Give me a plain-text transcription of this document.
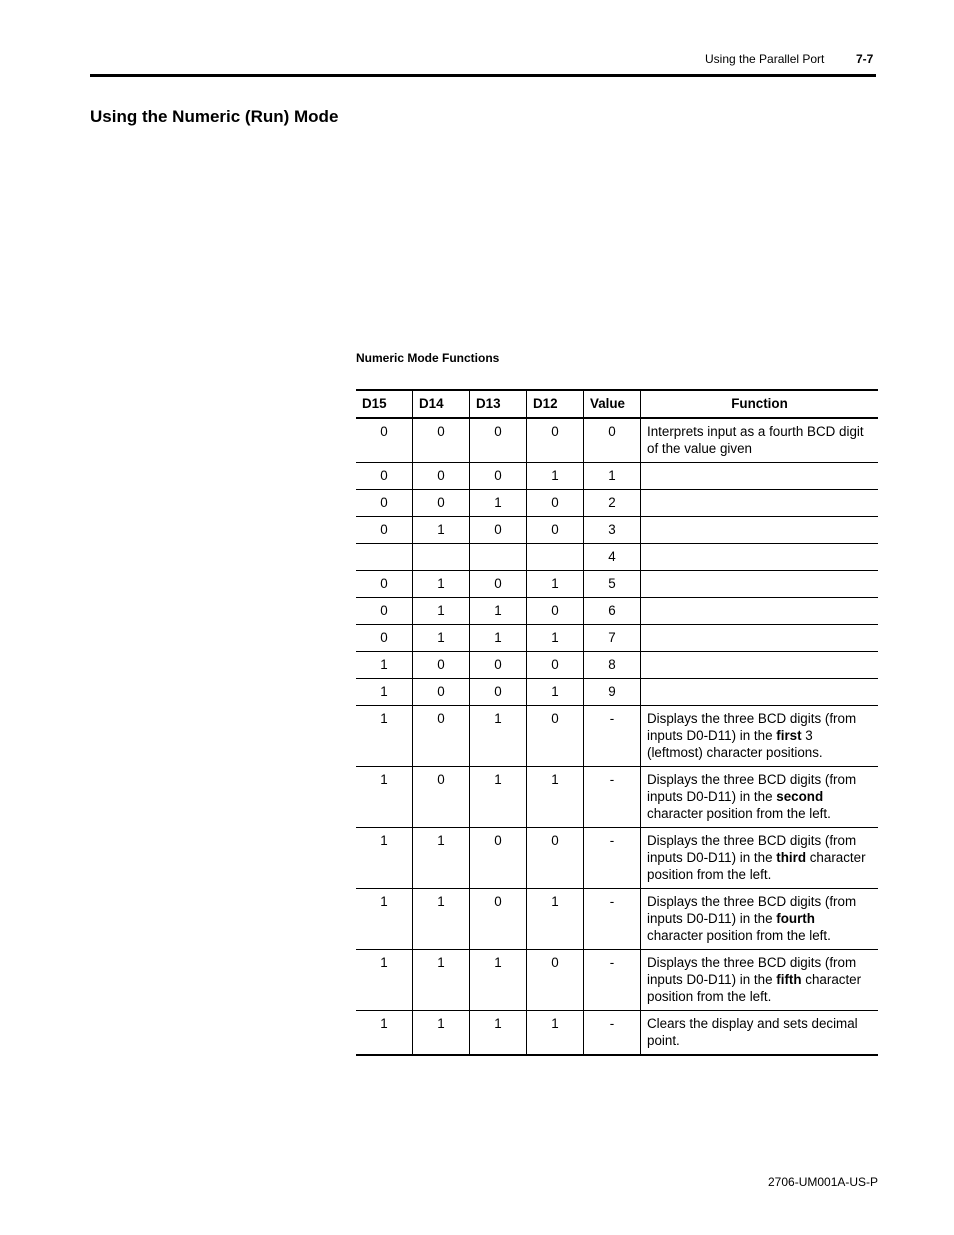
Using the Parallel Port	7-7
Using the Numeric (Run) Mode
Numeric Mode Functions
D15	D14	D13	D12	Value	Function
0	0	0	0	0	Interprets input as a fourth BCD digit of the value given
0	0	0	1	1	
0	0	1	0	2	
0	1	0	0	3	
				4	
0	1	0	1	5	
0	1	1	0	6	
0	1	1	1	7	
1	0	0	0	8	
1	0	0	1	9	
1	0	1	0	-	Displays the three BCD digits (from inputs D0-D11) in the first 3 (leftmost) character positions.
1	0	1	1	-	Displays the three BCD digits (from inputs D0-D11) in the second character position from the left.
1	1	0	0	-	Displays the three BCD digits (from inputs D0-D11) in the third character position from the left.
1	1	0	1	-	Displays the three BCD digits (from inputs D0-D11) in the fourth character position from the left.
1	1	1	0	-	Displays the three BCD digits (from inputs D0-D11) in the fifth character position from the left.
1	1	1	1	-	Clears the display and sets decimal point.
2706-UM001A-US-P
